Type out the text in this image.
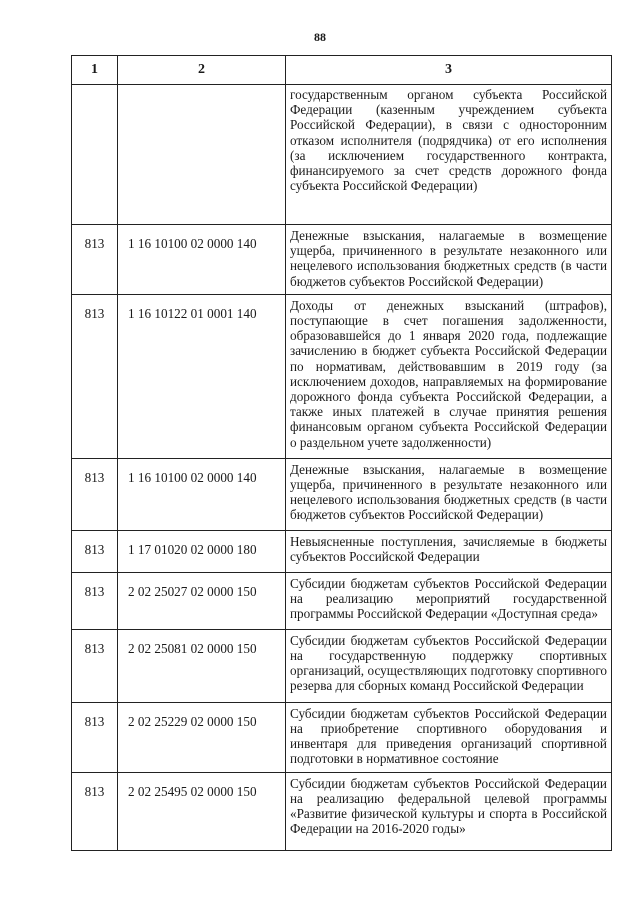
88
1	2	3
		государственным органом субъекта Российской Федерации (казенным учреждением субъекта Российской Федерации), в связи с односторонним отказом исполнителя (подрядчика) от его исполнения (за исключением государственного контракта, финансируемого за счет средств дорожного фонда субъекта Российской Федерации)
813	1 16 10100 02 0000 140	Денежные взыскания, налагаемые в возмещение ущерба, причиненного в результате незаконного или нецелевого использования бюджетных средств (в части бюджетов субъектов Российской Федерации)
813	1 16 10122 01 0001 140	Доходы от денежных взысканий (штрафов), поступающие в счет погашения задолженности, образовавшейся до 1 января 2020 года, подлежащие зачислению в бюджет субъекта Российской Федерации по нормативам, действовавшим в 2019 году (за исключением доходов, направляемых на формирование дорожного фонда субъекта Российской Федерации, а также иных платежей в случае принятия решения финансовым органом субъекта Российской Федерации о раздельном учете задолженности)
813	1 16 10100 02 0000 140	Денежные взыскания, налагаемые в возмещение ущерба, причиненного в результате незаконного или нецелевого использования бюджетных средств (в части бюджетов субъектов Российской Федерации)
813	1 17 01020 02 0000 180	Невыясненные поступления, зачисляемые в бюджеты субъектов Российской Федерации
813	2 02 25027 02 0000 150	Субсидии бюджетам субъектов Российской Федерации на реализацию мероприятий государственной программы Российской Федерации «Доступная среда»
813	2 02 25081 02 0000 150	Субсидии бюджетам субъектов Российской Федерации на государственную поддержку спортивных организаций, осуществляющих подготовку спортивного резерва для сборных команд Российской Федерации
813	2 02 25229 02 0000 150	Субсидии бюджетам субъектов Российской Федерации на приобретение спортивного оборудования и инвентаря для приведения организаций спортивной подготовки в нормативное состояние
813	2 02 25495 02 0000 150	Субсидии бюджетам субъектов Российской Федерации на реализацию федеральной целевой программы «Развитие физической культуры и спорта в Российской Федерации на 2016-2020 годы»
